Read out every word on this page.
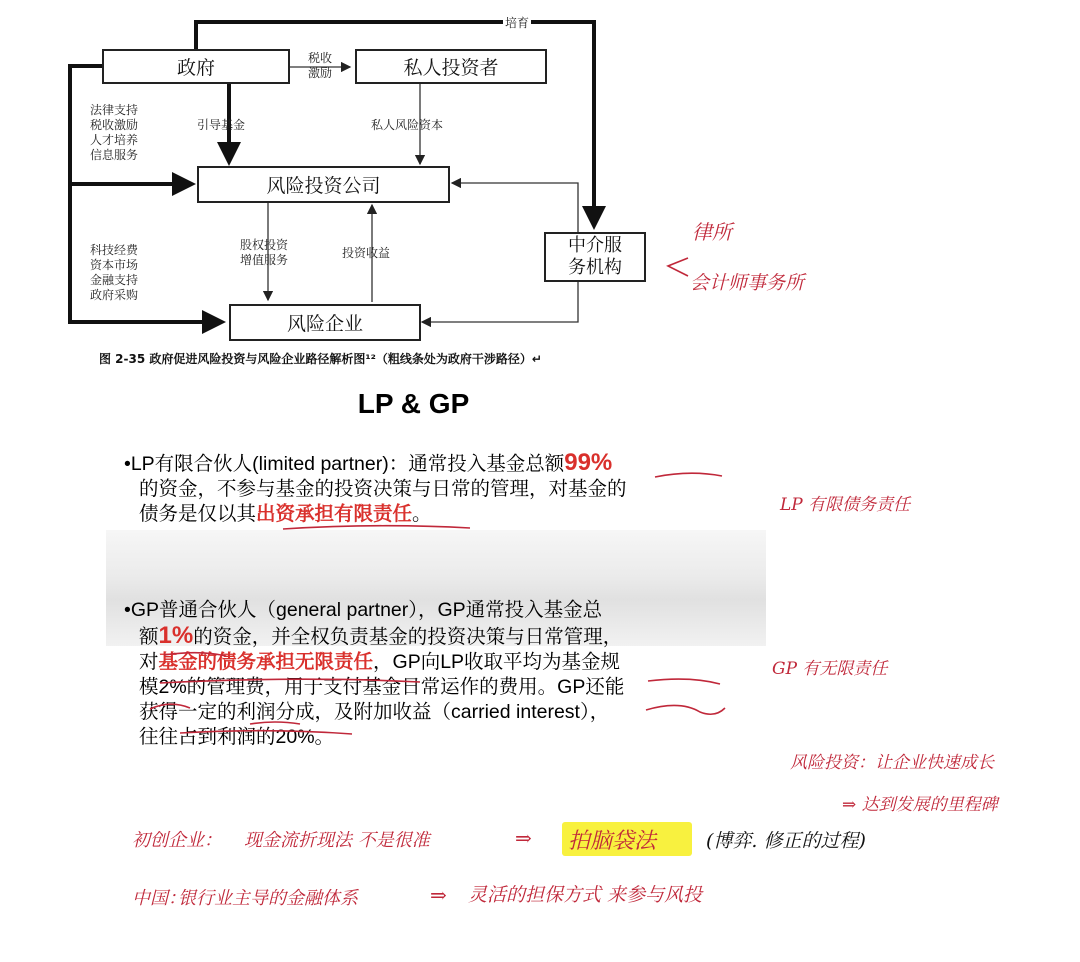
政府	私人投资者
风险投资公司
中介服
务机构
风险企业
培育
税收
激励
引导基金	私人风险资本
法律支持
税收激励
人才培养
信息服务
股权投资
增值服务	投资收益
科技经费
资本市场
金融支持
政府采购
图 2-35 政府促进风险投资与风险企业路径解析图¹²（粗线条处为政府干涉路径）↵
LP & GP
•LP有限合伙人(limited partner)：通常投入基金总额99%
的资金，不参与基金的投资决策与日常的管理，对基金的
债务是仅以其出资承担有限责任。
•GP普通合伙人（general partner），GP通常投入基金总
额1%的资金，并全权负责基金的投资决策与日常管理，
对基金的债务承担无限责任，GP向LP收取平均为基金规
模2%的管理费，用于支付基金日常运作的费用。GP还能
获得一定的利润分成，及附加收益（carried interest），
往往占到利润的20%。
律所
会计师事务所
LP 有限债务责任
GP 有无限责任
风险投资：让企业快速成长
⇒ 达到发展的里程碑
初创企业： 现金流折现法 不是很准	⇒ 拍脑袋法	(博弈. 修正的过程)
中国：
银行业主导的金融体系	⇒ 灵活的担保方式 来参与风投
